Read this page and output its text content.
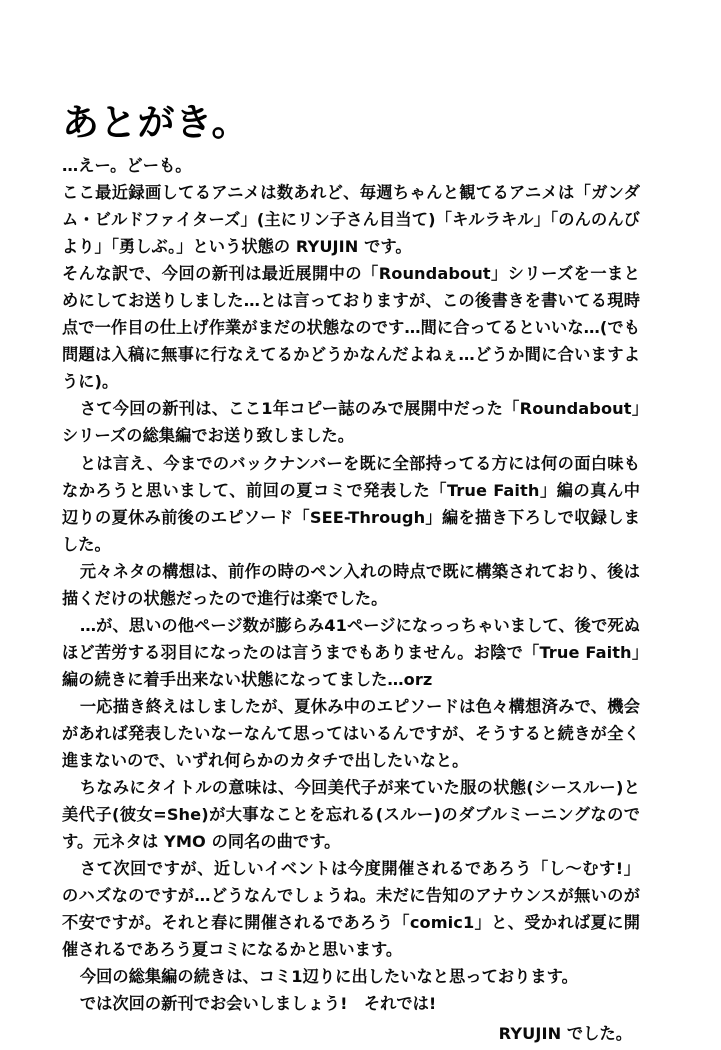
あとがき。

…えー。どーも。

ここ最近録画してるアニメは数あれど、毎週ちゃんと観てるアニメは「ガンダム・ビルドファイターズ」(主にリン子さん目当て)「キルラキル」「のんのんびより」「勇しぶ。」という状態の RYUJIN です。

そんな訳で、今回の新刊は最近展開中の「Roundabout」シリーズを一まとめにしてお送りしました…とは言っておりますが、この後書きを書いてる現時点で一作目の仕上げ作業がまだの状態なのです…間に合ってるといいな…(でも問題は入稿に無事に行なえてるかどうかなんだよねぇ…どうか間に合いますように)。

さて今回の新刊は、ここ1年コピー誌のみで展開中だった「Roundabout」シリーズの総集編でお送り致しました。

とは言え、今までのバックナンバーを既に全部持ってる方には何の面白味もなかろうと思いまして、前回の夏コミで発表した「True Faith」編の真ん中辺りの夏休み前後のエピソード「SEE-Through」編を描き下ろしで収録しました。

元々ネタの構想は、前作の時のペン入れの時点で既に構築されており、後は描くだけの状態だったので進行は楽でした。

…が、思いの他ページ数が膨らみ41ページになっっちゃいまして、後で死ぬほど苦労する羽目になったのは言うまでもありません。お陰で「True Faith」編の続きに着手出来ない状態になってました…orz

一応描き終えはしましたが、夏休み中のエピソードは色々構想済みで、機会があれば発表したいなーなんて思ってはいるんですが、そうすると続きが全く進まないので、いずれ何らかのカタチで出したいなと。

ちなみにタイトルの意味は、今回美代子が来ていた服の状態(シースルー)と美代子(彼女=She)が大事なことを忘れる(スルー)のダブルミーニングなのです。元ネタは YMO の同名の曲です。

さて次回ですが、近しいイベントは今度開催されるであろう「し〜むす!」のハズなのですが…どうなんでしょうね。未だに告知のアナウンスが無いのが不安ですが。それと春に開催されるであろう「comic1」と、受かれば夏に開催されるであろう夏コミになるかと思います。

今回の総集編の続きは、コミ1辺りに出したいなと思っております。

では次回の新刊でお会いしましょう!　それでは!

RYUJIN でした。
